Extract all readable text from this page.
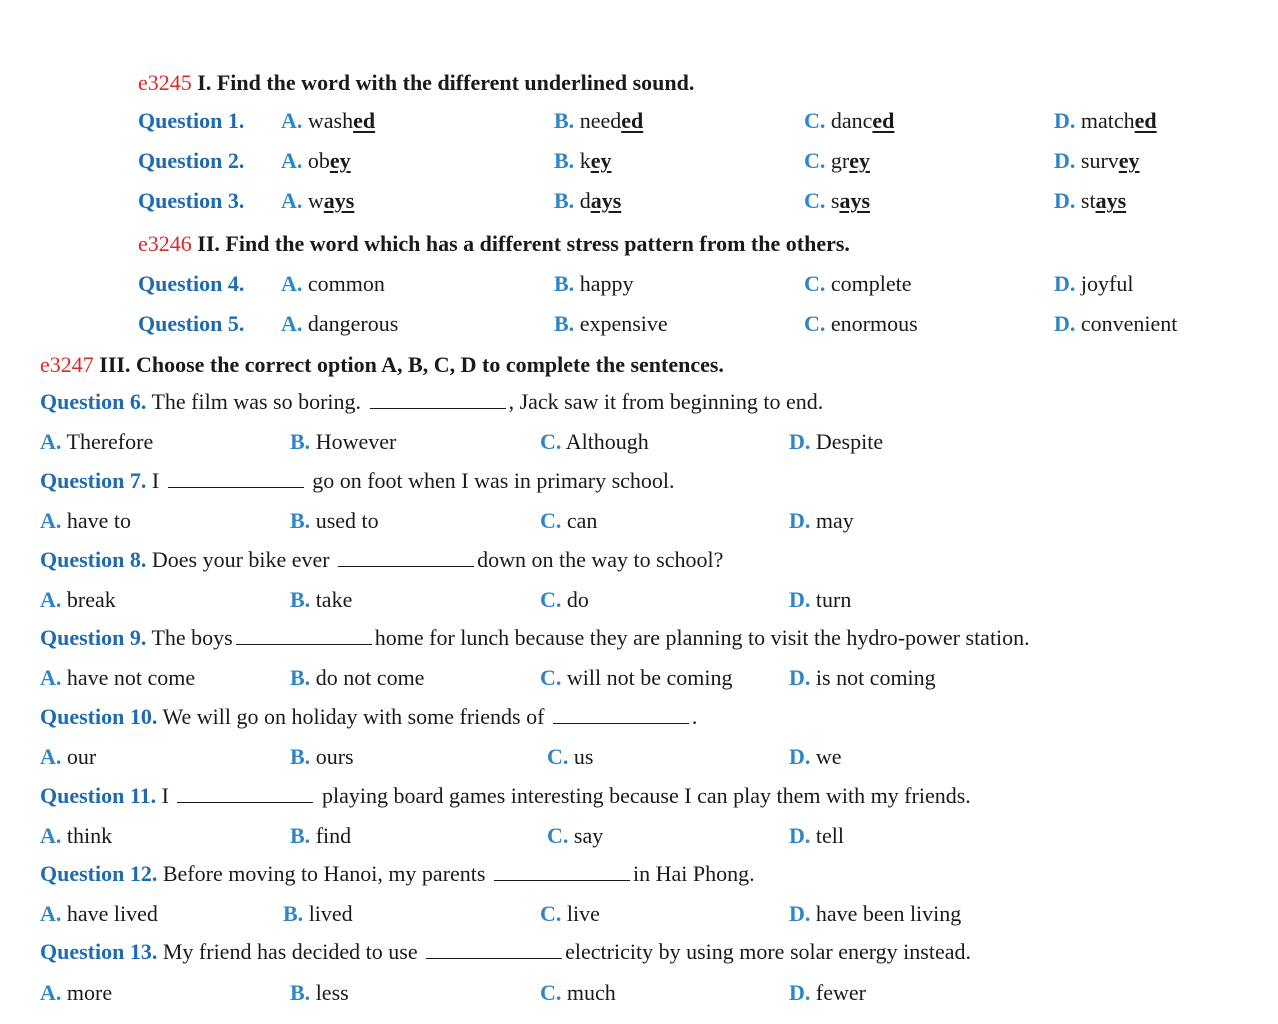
e3245 I. Find the word with the different underlined sound.
Question 1. A. washed	B. needed	C. danced	D. matched
Question 2. A. obey	B. key	C. grey	D. survey
Question 3. A. ways	B. days	C. says	D. stays
e3246 II. Find the word which has a different stress pattern from the others.
Question 4. A. common	B. happy	C. complete	D. joyful
Question 5. A. dangerous	B. expensive	C. enormous	D. convenient
e3247 III. Choose the correct option A, B, C, D to complete the sentences.
Question 6. The film was so boring.	, Jack saw it from beginning to end.
A. Therefore	B. However	C. Although	D. Despite
Question 7. I	go on foot when I was in primary school.
A. have to	B. used to	C. can	D. may
Question 8. Does your bike ever	down on the way to school?
A. break	B. take	C. do	D. turn
Question 9. The boys	home for lunch because they are planning to visit the hydro-power station.
A. have not come	B. do not come	C. will not be coming	D. is not coming
Question 10. We will go on holiday with some friends of	.
A. our	B. ours	C. us	D. we
Question 11. I	playing board games interesting because I can play them with my friends.
A. think	B. find	C. say	D. tell
Question 12. Before moving to Hanoi, my parents	in Hai Phong.
A. have lived	B. lived	C. live	D. have been living
Question 13. My friend has decided to use	electricity by using more solar energy instead.
A. more	B. less	C. much	D. fewer
